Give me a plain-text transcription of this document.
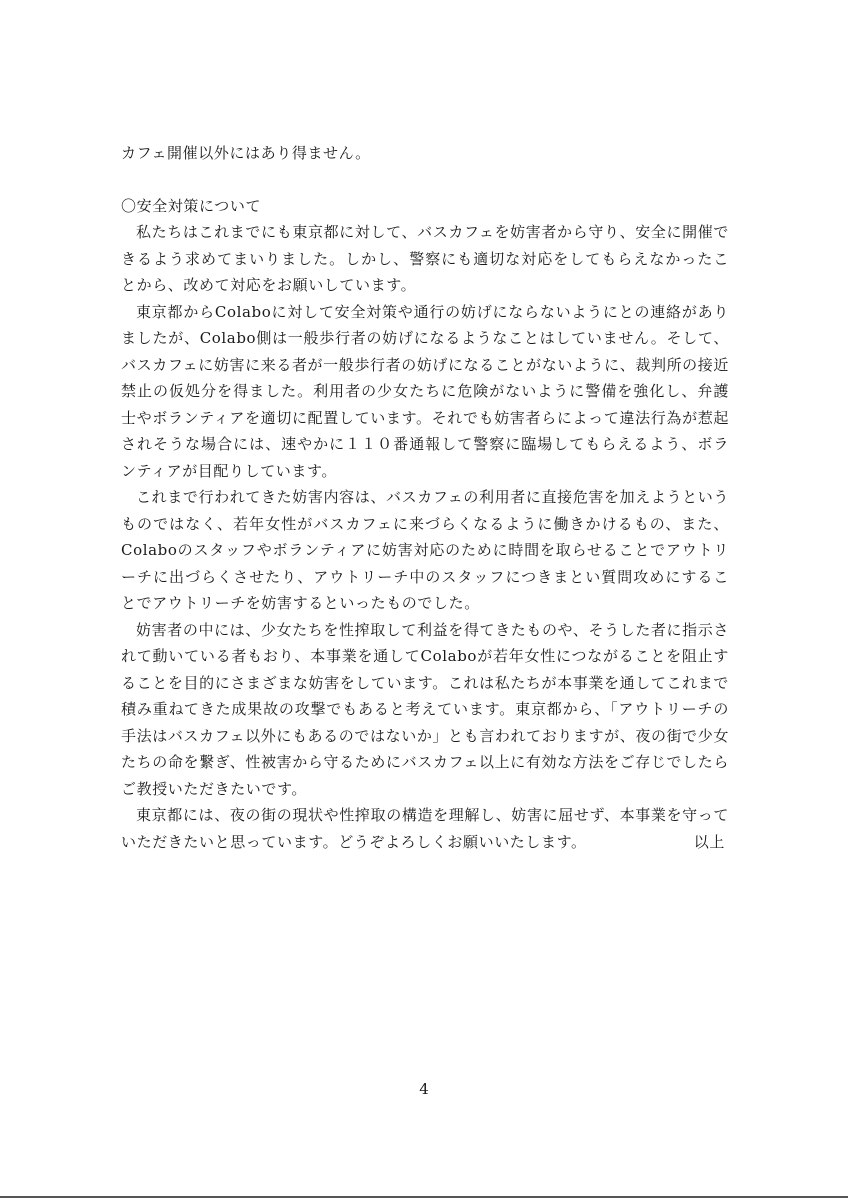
カフェ開催以外にはあり得ません。

〇安全対策について

私たちはこれまでにも東京都に対して、バスカフェを妨害者から守り、安全に開催できるよう求めてまいりました。しかし、警察にも適切な対応をしてもらえなかったことから、改めて対応をお願いしています。

東京都からColaboに対して安全対策や通行の妨げにならないようにとの連絡がありましたが、Colabo側は一般歩行者の妨げになるようなことはしていません。そして、バスカフェに妨害に来る者が一般歩行者の妨げになることがないように、裁判所の接近禁止の仮処分を得ました。利用者の少女たちに危険がないように警備を強化し、弁護士やボランティアを適切に配置しています。それでも妨害者らによって違法行為が惹起されそうな場合には、速やかに１１０番通報して警察に臨場してもらえるよう、ボランティアが目配りしています。

これまで行われてきた妨害内容は、バスカフェの利用者に直接危害を加えようというものではなく、若年女性がバスカフェに来づらくなるように働きかけるもの、また、Colaboのスタッフやボランティアに妨害対応のために時間を取らせることでアウトリーチに出づらくさせたり、アウトリーチ中のスタッフにつきまとい質問攻めにすることでアウトリーチを妨害するといったものでした。

妨害者の中には、少女たちを性搾取して利益を得てきたものや、そうした者に指示されて動いている者もおり、本事業を通してColaboが若年女性につながることを阻止することを目的にさまざまな妨害をしています。これは私たちが本事業を通してこれまで積み重ねてきた成果故の攻撃でもあると考えています。東京都から、「アウトリーチの手法はバスカフェ以外にもあるのではないか」とも言われておりますが、夜の街で少女たちの命を繋ぎ、性被害から守るためにバスカフェ以上に有効な方法をご存じでしたらご教授いただきたいです。

東京都には、夜の街の現状や性搾取の構造を理解し、妨害に屈せず、本事業を守っていただきたいと思っています。どうぞよろしくお願いいたします。	以上
4
